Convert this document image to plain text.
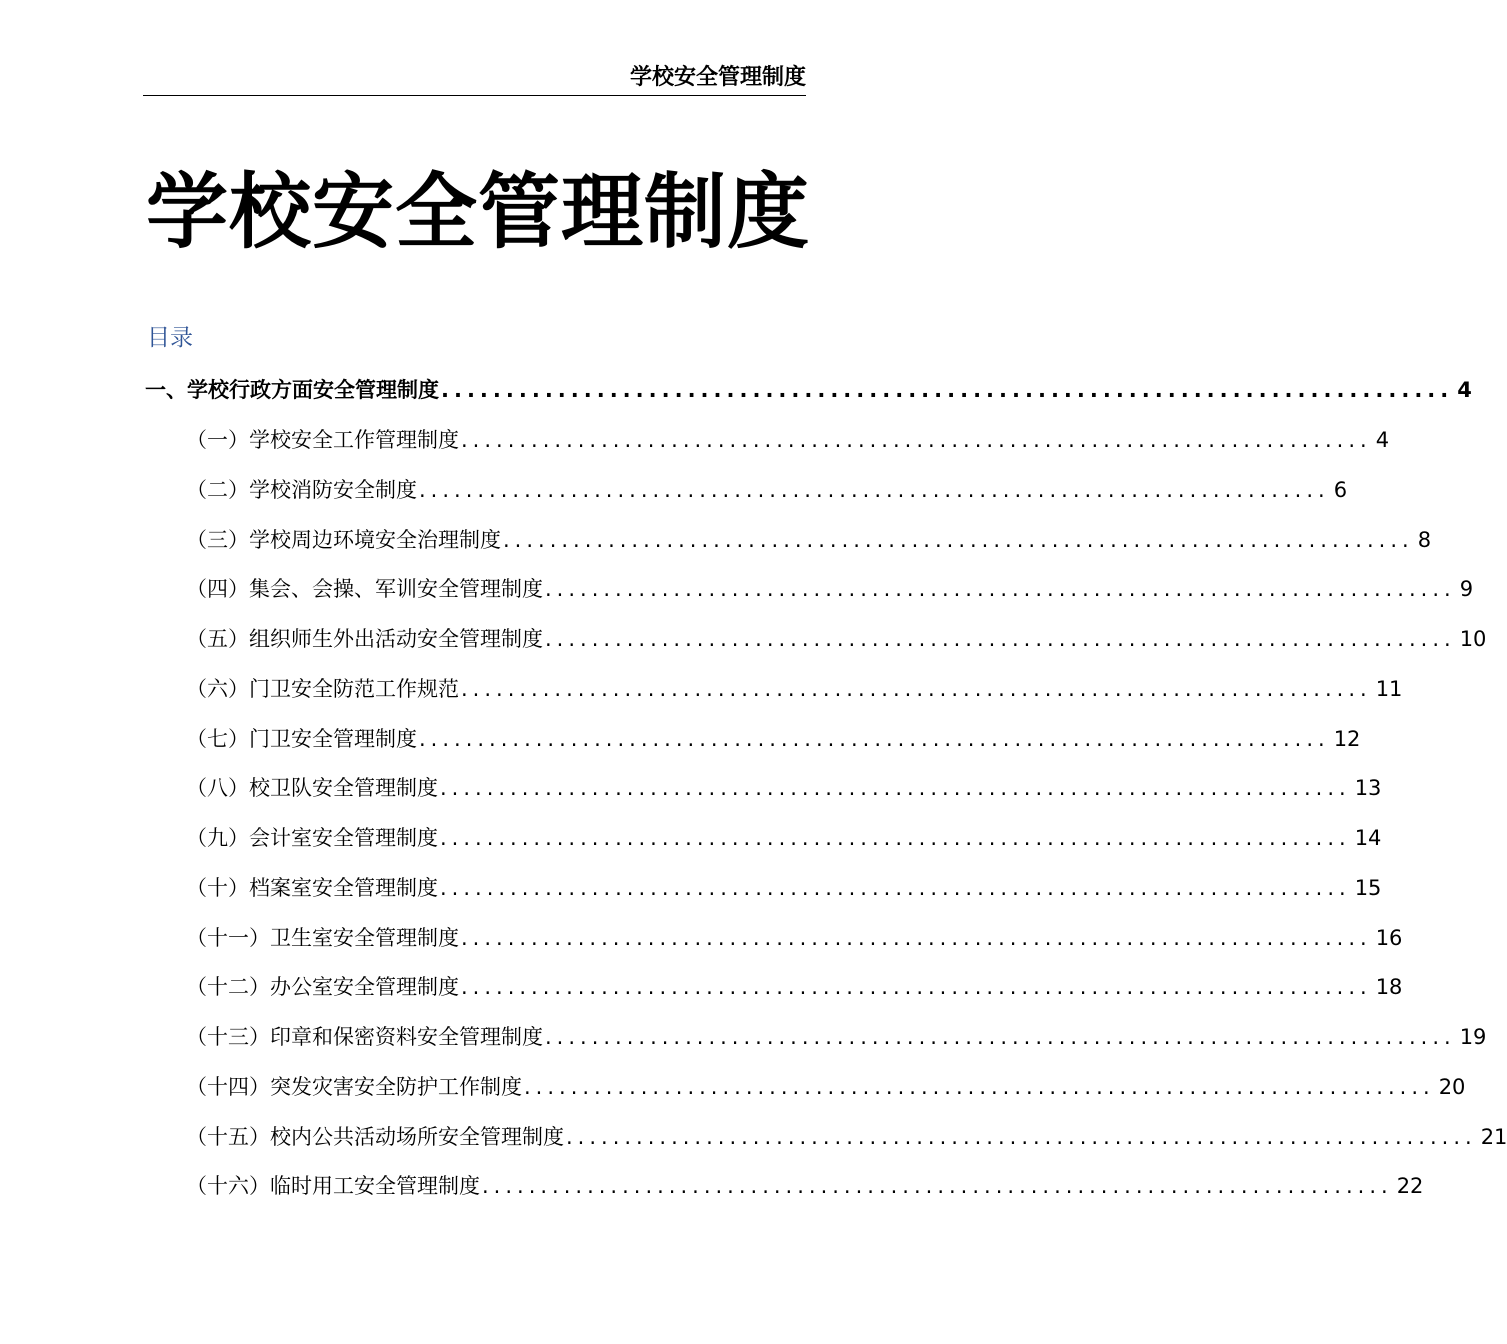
学校安全管理制度
学校安全管理制度
目录
一、学校行政方面安全管理制度 .............................................................................. 4
（一）学校安全工作管理制度 .............................................................................. 4
（二）学校消防安全制度 .............................................................................. 6
（三）学校周边环境安全治理制度 .............................................................................. 8
（四）集会、会操、军训安全管理制度 .............................................................................. 9
（五）组织师生外出活动安全管理制度 .............................................................................. 10
（六）门卫安全防范工作规范 .............................................................................. 11
（七）门卫安全管理制度 .............................................................................. 12
（八）校卫队安全管理制度 .............................................................................. 13
（九）会计室安全管理制度 .............................................................................. 14
（十）档案室安全管理制度 .............................................................................. 15
（十一）卫生室安全管理制度 .............................................................................. 16
（十二）办公室安全管理制度 .............................................................................. 18
（十三）印章和保密资料安全管理制度 .............................................................................. 19
（十四）突发灾害安全防护工作制度 .............................................................................. 20
（十五）校内公共活动场所安全管理制度 .............................................................................. 21
（十六）临时用工安全管理制度 .............................................................................. 22
